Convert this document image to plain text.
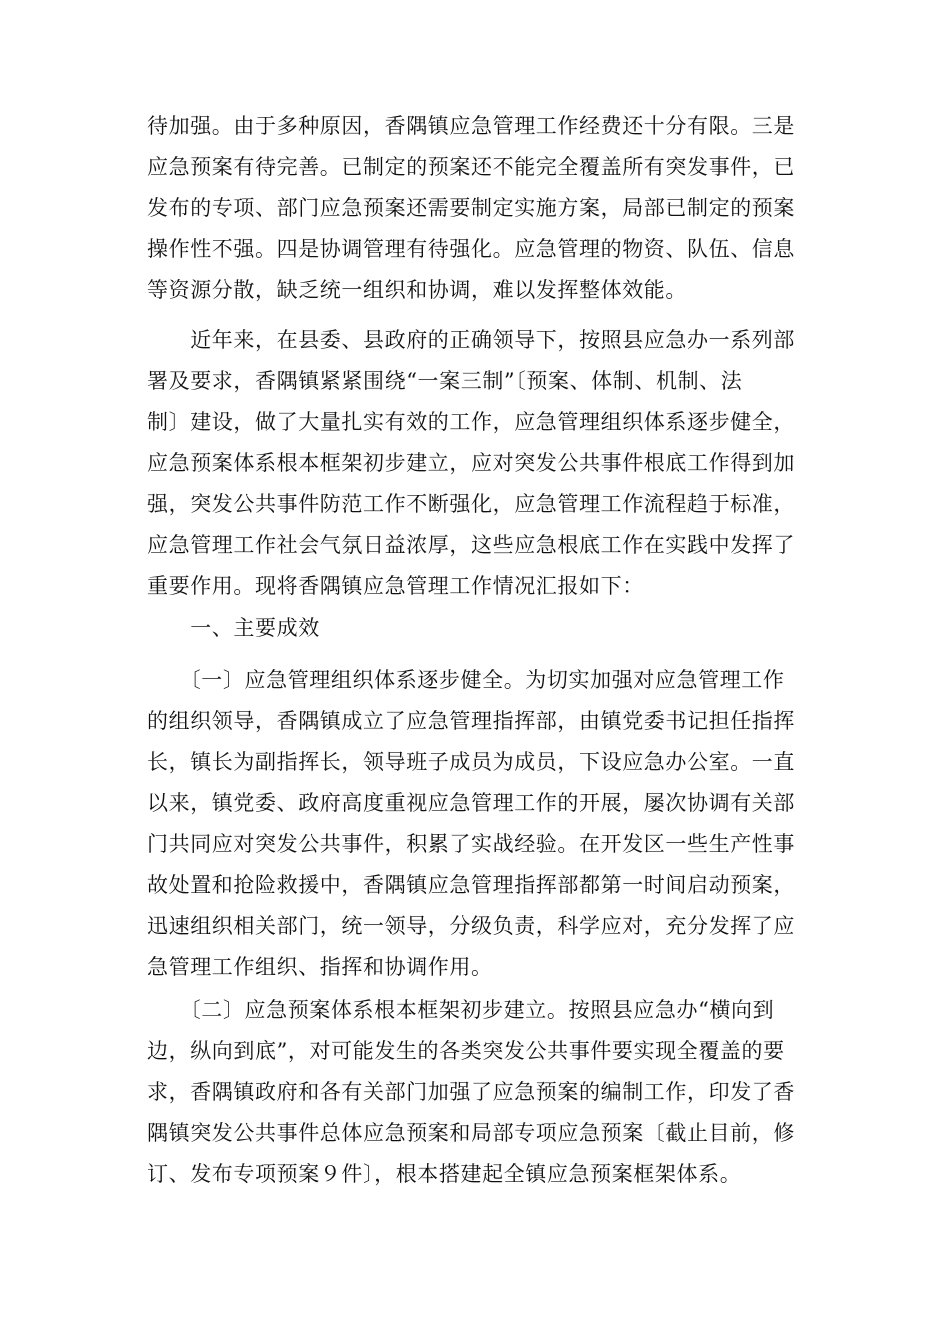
待加强。由于多种原因，香隅镇应急管理工作经费还十分有限。三是
应急预案有待完善。已制定的预案还不能完全覆盖所有突发事件，已
发布的专项、部门应急预案还需要制定实施方案，局部已制定的预案
操作性不强。四是协调管理有待强化。应急管理的物资、队伍、信息
等资源分散，缺乏统一组织和协调，难以发挥整体效能。
　　近年来，在县委、县政府的正确领导下，按照县应急办一系列部
署及要求，香隅镇紧紧围绕“一案三制”〔预案、体制、机制、法
制〕建设，做了大量扎实有效的工作，应急管理组织体系逐步健全，
应急预案体系根本框架初步建立，应对突发公共事件根底工作得到加
强，突发公共事件防范工作不断强化，应急管理工作流程趋于标准，
应急管理工作社会气氛日益浓厚，这些应急根底工作在实践中发挥了
重要作用。现将香隅镇应急管理工作情况汇报如下：
　　一、主要成效
　　〔一〕应急管理组织体系逐步健全。为切实加强对应急管理工作
的组织领导，香隅镇成立了应急管理指挥部，由镇党委书记担任指挥
长，镇长为副指挥长，领导班子成员为成员，下设应急办公室。一直
以来，镇党委、政府高度重视应急管理工作的开展，屡次协调有关部
门共同应对突发公共事件，积累了实战经验。在开发区一些生产性事
故处置和抢险救援中，香隅镇应急管理指挥部都第一时间启动预案，
迅速组织相关部门，统一领导，分级负责，科学应对，充分发挥了应
急管理工作组织、指挥和协调作用。
　　〔二〕应急预案体系根本框架初步建立。按照县应急办“横向到
边，纵向到底”，对可能发生的各类突发公共事件要实现全覆盖的要
求，香隅镇政府和各有关部门加强了应急预案的编制工作，印发了香
隅镇突发公共事件总体应急预案和局部专项应急预案〔截止目前，修
订、发布专项预案９件〕，根本搭建起全镇应急预案框架体系。
